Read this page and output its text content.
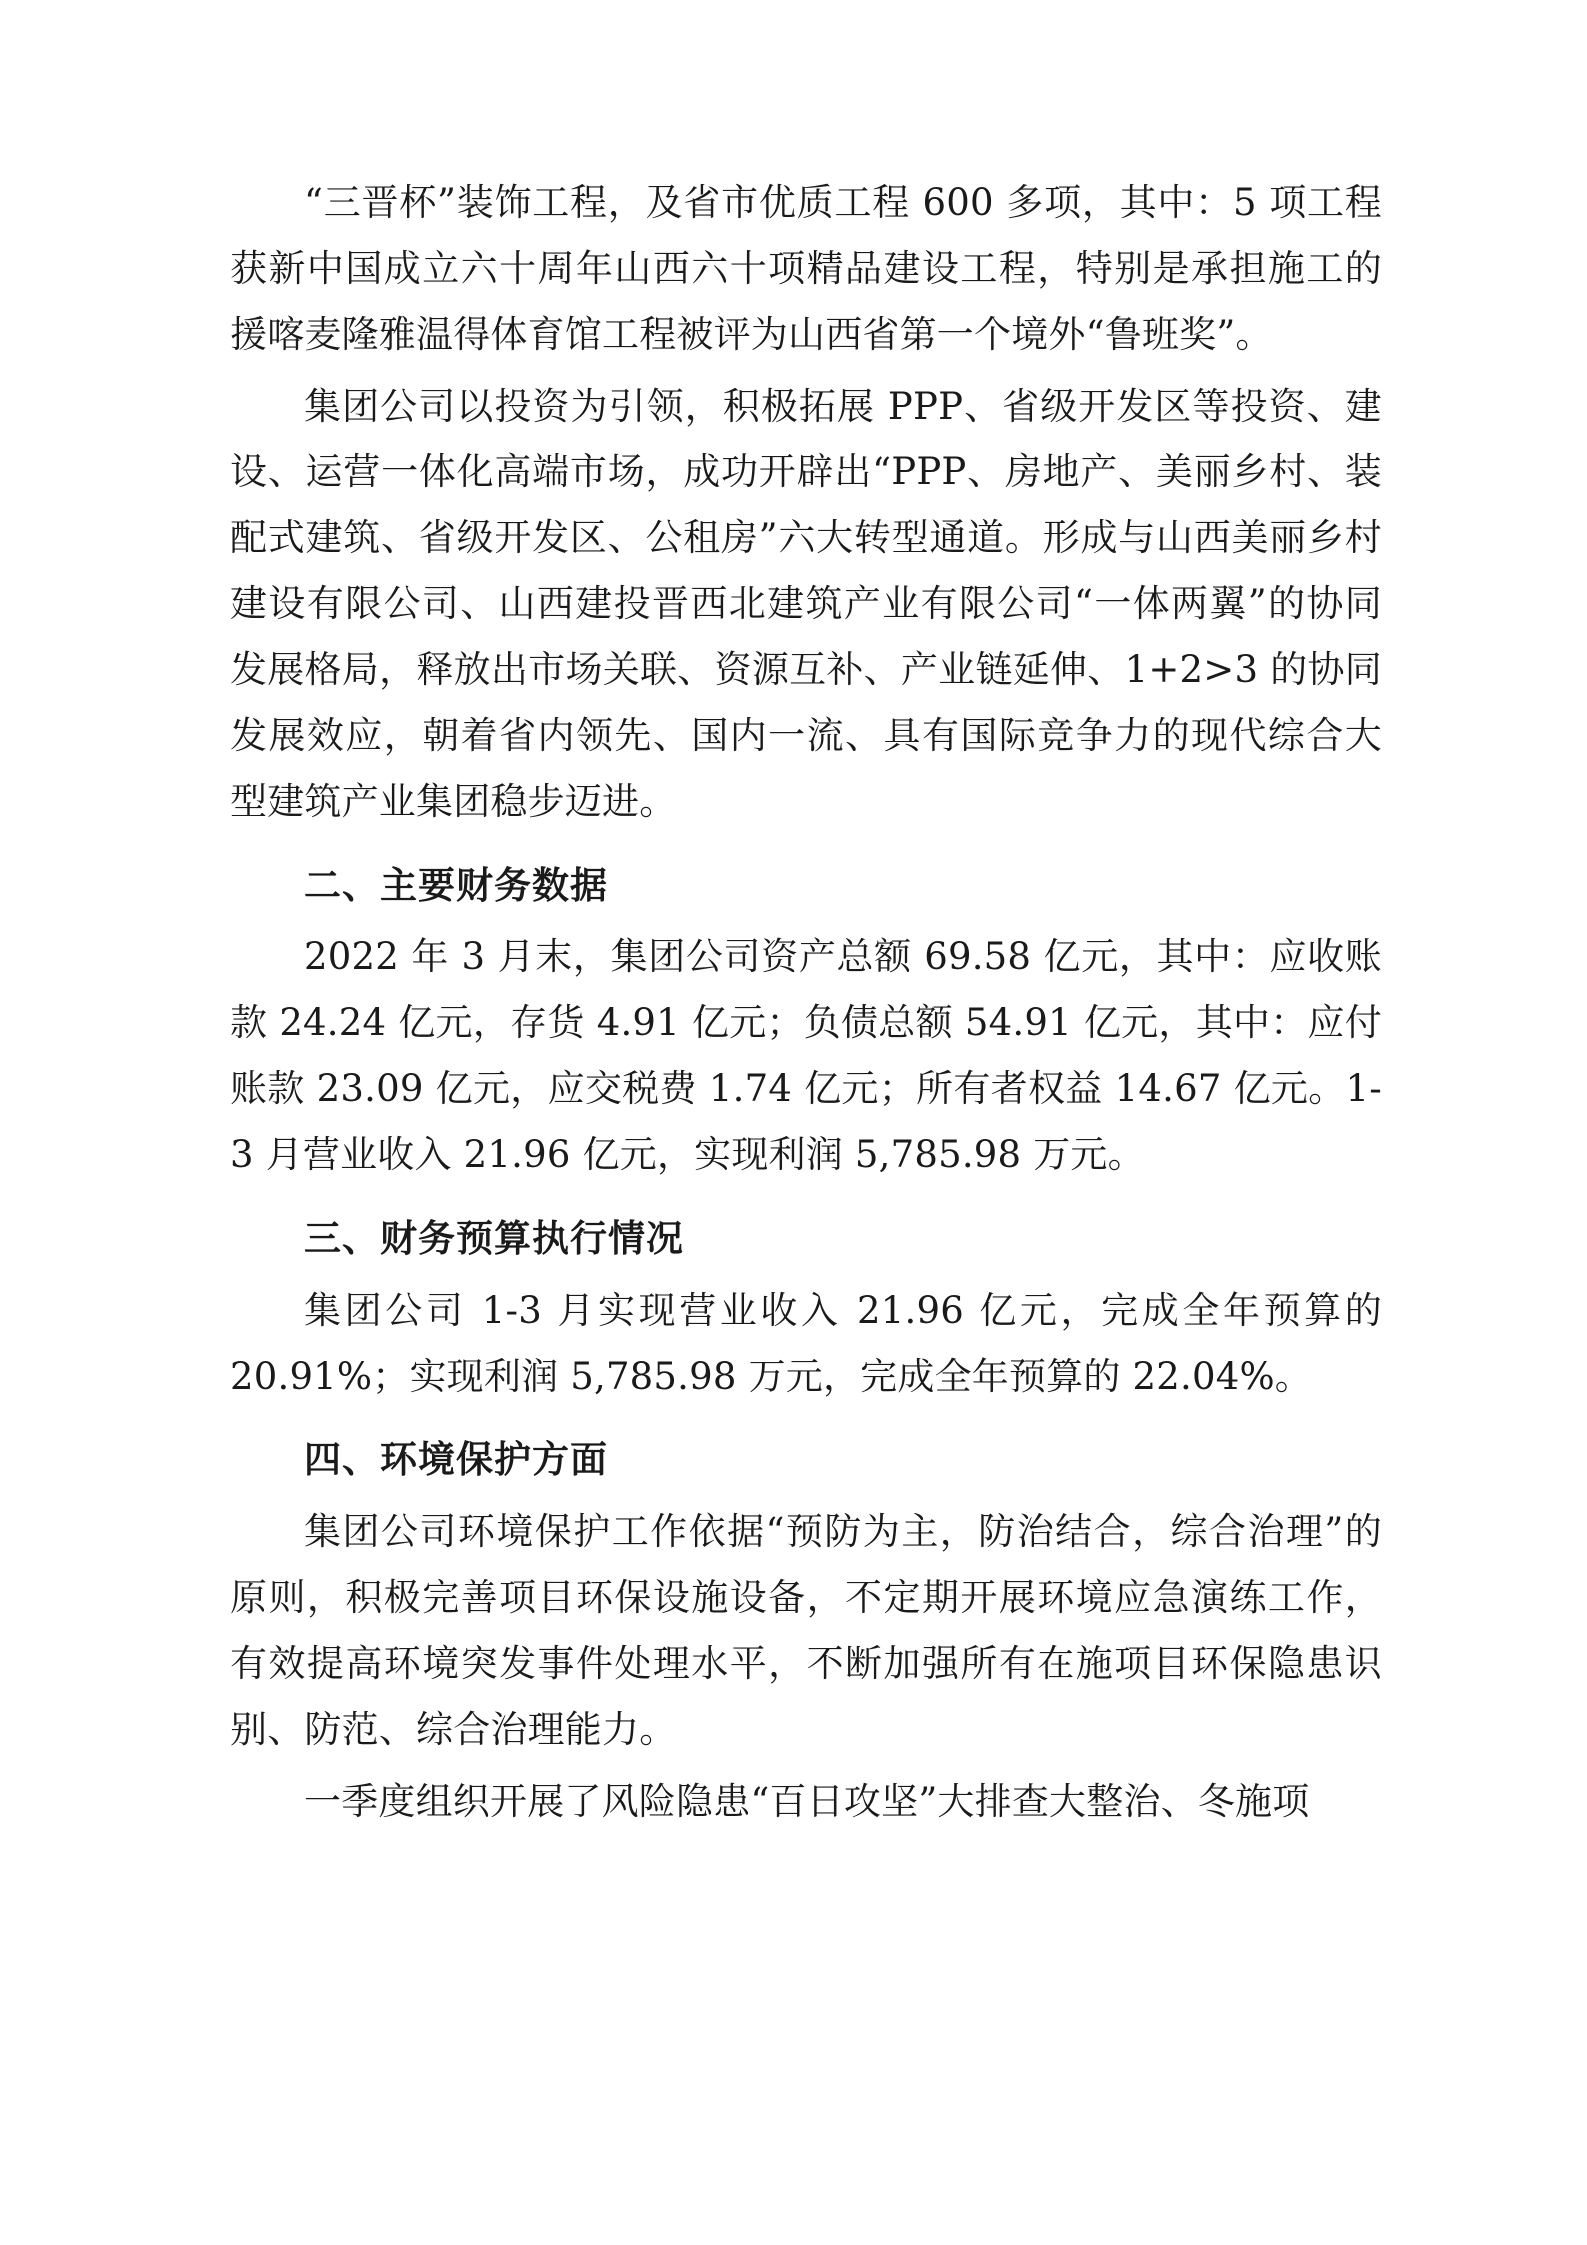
“三晋杯”装饰工程，及省市优质工程 600 多项，其中：5 项工程获新中国成立六十周年山西六十项精品建设工程，特别是承担施工的援喀麦隆雅温得体育馆工程被评为山西省第一个境外“鲁班奖”。

集团公司以投资为引领，积极拓展 PPP、省级开发区等投资、建设、运营一体化高端市场，成功开辟出“PPP、房地产、美丽乡村、装配式建筑、省级开发区、公租房”六大转型通道。形成与山西美丽乡村建设有限公司、山西建投晋西北建筑产业有限公司“一体两翼”的协同发展格局，释放出市场关联、资源互补、产业链延伸、1+2>3 的协同发展效应，朝着省内领先、国内一流、具有国际竞争力的现代综合大型建筑产业集团稳步迈进。

二、主要财务数据

2022 年 3 月末，集团公司资产总额 69.58 亿元，其中：应收账款 24.24 亿元，存货 4.91 亿元；负债总额 54.91 亿元，其中：应付账款 23.09 亿元，应交税费 1.74 亿元；所有者权益 14.67 亿元。1-3 月营业收入 21.96 亿元，实现利润 5,785.98 万元。

三、财务预算执行情况

集团公司 1-3 月实现营业收入 21.96 亿元，完成全年预算的 20.91%；实现利润 5,785.98 万元，完成全年预算的 22.04%。

四、环境保护方面

集团公司环境保护工作依据“预防为主，防治结合，综合治理”的原则，积极完善项目环保设施设备，不定期开展环境应急演练工作，有效提高环境突发事件处理水平，不断加强所有在施项目环保隐患识别、防范、综合治理能力。

一季度组织开展了风险隐患“百日攻坚”大排查大整治、冬施项
